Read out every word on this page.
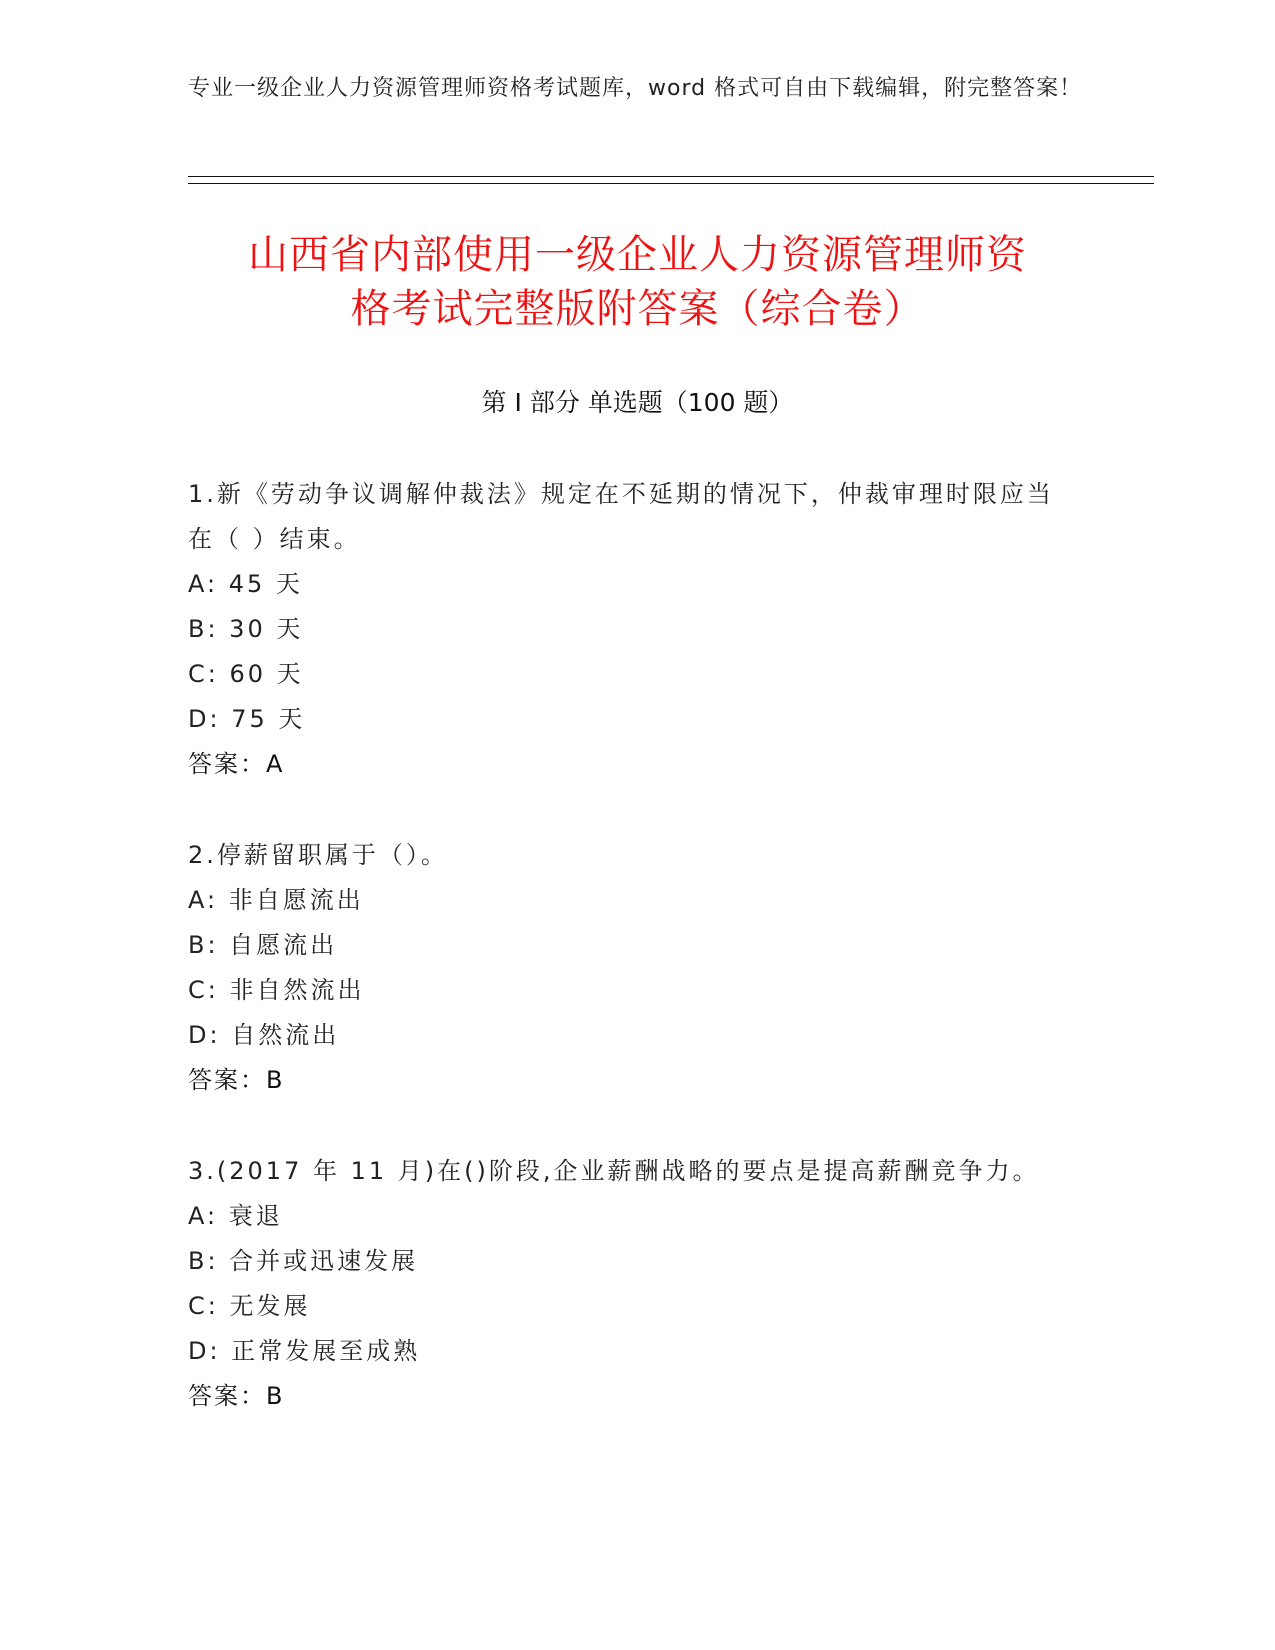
专业一级企业人力资源管理师资格考试题库，word 格式可自由下载编辑，附完整答案！
山西省内部使用一级企业人力资源管理师资
格考试完整版附答案（综合卷）
第 I 部分 单选题（100 题）
1.新《劳动争议调解仲裁法》规定在不延期的情况下，仲裁审理时限应当在（ ）结束。
A: 45 天
B: 30 天
C: 60 天
D: 75 天
答案：A
2.停薪留职属于（）。
A: 非自愿流出
B: 自愿流出
C: 非自然流出
D: 自然流出
答案：B
3.(2017 年 11 月)在()阶段,企业薪酬战略的要点是提高薪酬竞争力。
A: 衰退
B: 合并或迅速发展
C: 无发展
D: 正常发展至成熟
答案：B
